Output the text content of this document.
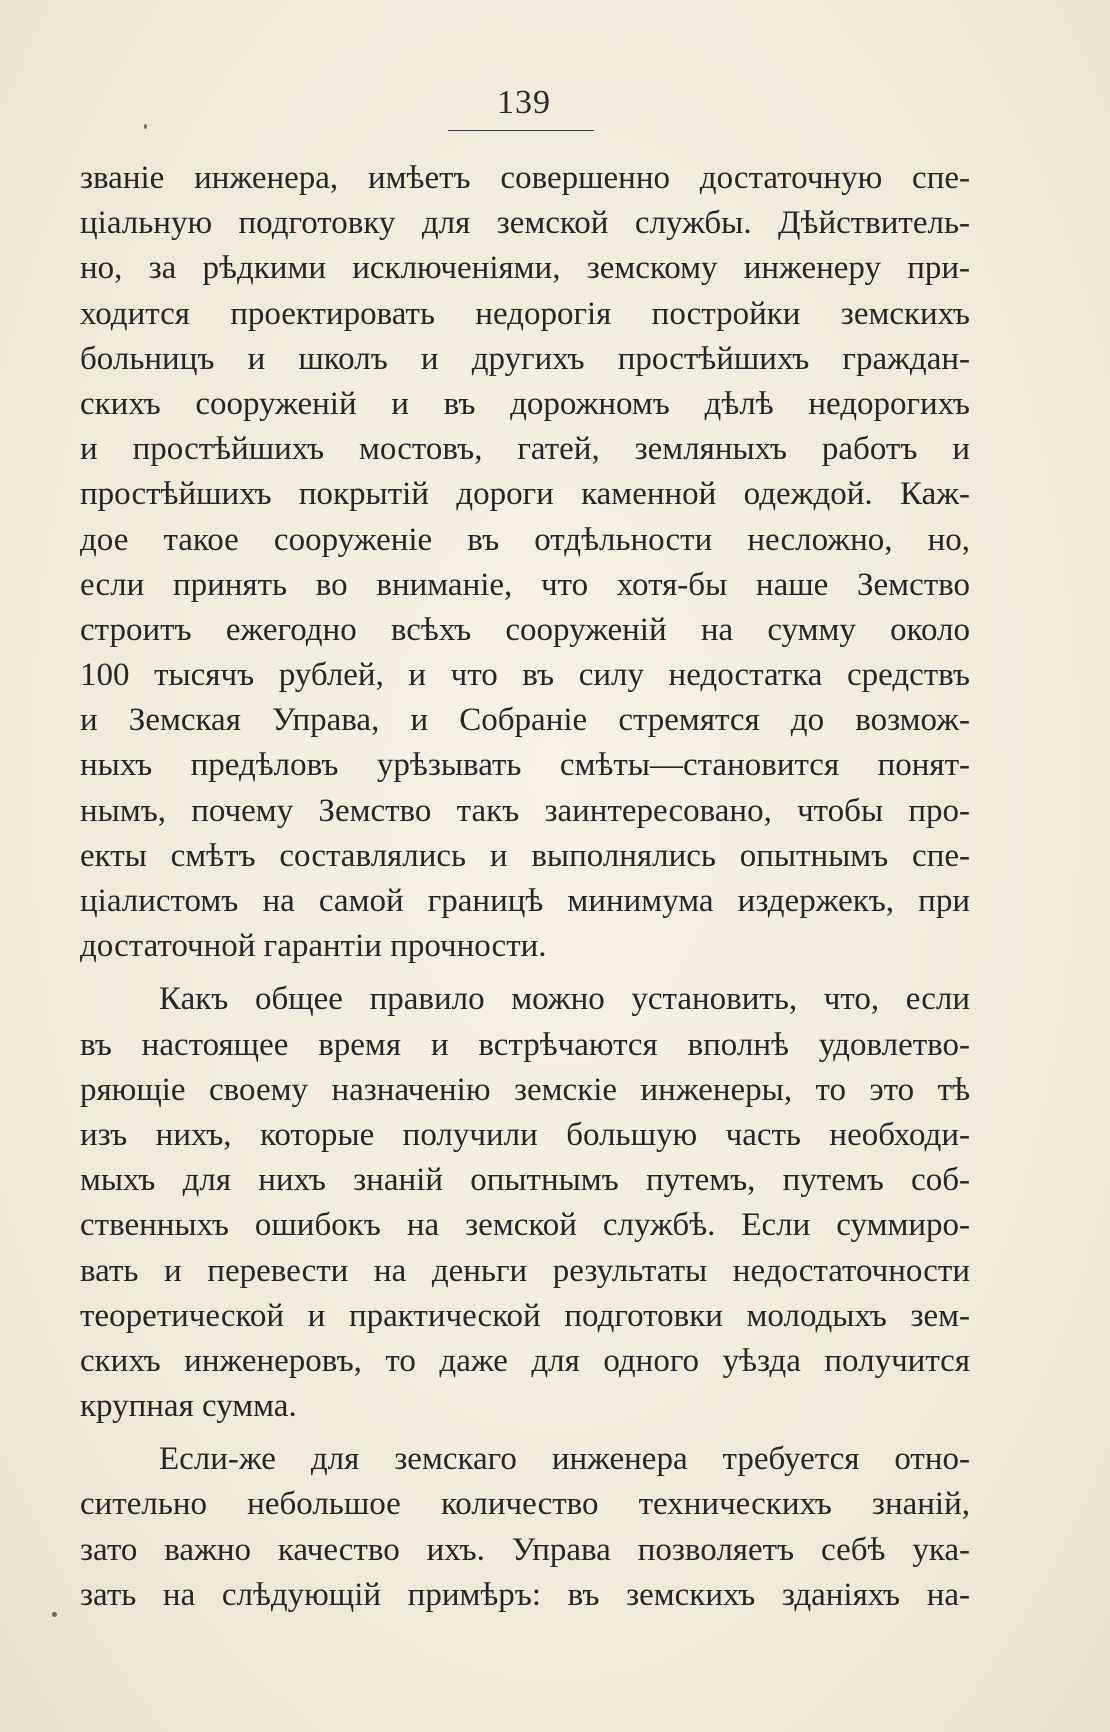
139
званіе инженера, имѣетъ совершенно достаточную спе-
ціальную подготовку для земской службы. Дѣйствитель-
но, за рѣдкими исключеніями, земскому инженеру при-
ходится проектировать недорогія постройки земскихъ
больницъ и школъ и другихъ простѣйшихъ граждан-
скихъ сооруженій и въ дорожномъ дѣлѣ недорогихъ
и простѣйшихъ мостовъ, гатей, земляныхъ работъ и
простѣйшихъ покрытій дороги каменной одеждой. Каж-
дое такое сооруженіе въ отдѣльности несложно, но,
если принять во вниманіе, что хотя-бы наше Земство
строитъ ежегодно всѣхъ сооруженій на сумму около
100 тысячъ рублей, и что въ силу недостатка средствъ
и Земская Управа, и Собраніе стремятся до возмож-
ныхъ предѣловъ урѣзывать смѣты—становится понят-
нымъ, почему Земство такъ заинтересовано, чтобы про-
екты смѣтъ составлялись и выполнялись опытнымъ спе-
ціалистомъ на самой границѣ минимума издержекъ, при
достаточной гарантіи прочности.
Какъ общее правило можно установить, что, если
въ настоящее время и встрѣчаются вполнѣ удовлетво-
ряющіе своему назначенію земскіе инженеры, то это тѣ
изъ нихъ, которые получили большую часть необходи-
мыхъ для нихъ знаній опытнымъ путемъ, путемъ соб-
ственныхъ ошибокъ на земской службѣ. Если суммиро-
вать и перевести на деньги результаты недостаточности
теоретической и практической подготовки молодыхъ зем-
скихъ инженеровъ, то даже для одного уѣзда получится
крупная сумма.
Если-же для земскаго инженера требуется отно-
сительно небольшое количество техническихъ знаній,
зато важно качество ихъ. Управа позволяетъ себѣ ука-
зать на слѣдующій примѣръ: въ земскихъ зданіяхъ на-
